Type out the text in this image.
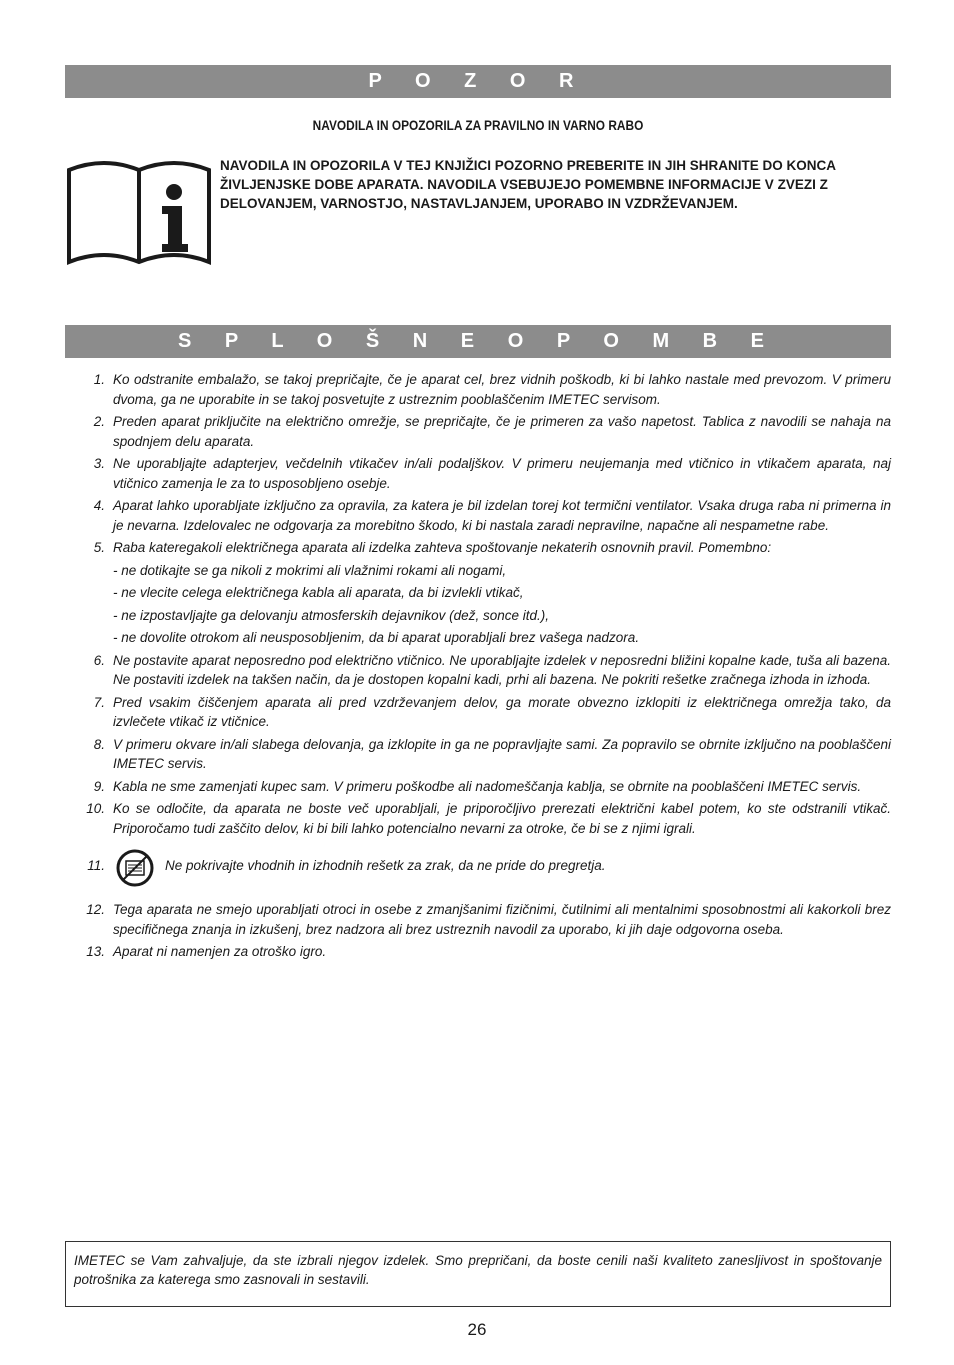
P O Z O R
NAVODILA IN OPOZORILA ZA PRAVILNO IN VARNO RABO
NAVODILA IN OPOZORILA V TEJ KNJIŽICI POZORNO PREBERITE IN JIH SHRANITE DO KONCA
ŽIVLJENJSKE DOBE APARATA. NAVODILA VSEBUJEJO POMEMBNE INFORMACIJE V ZVEZI Z
DELOVANJEM, VARNOSTJO, NASTAVLJANJEM, UPORABO IN VZDRŽEVANJEM.
S P L O Š N E O P O M B E
1. Ko odstranite embalažo, se takoj prepričajte, če je aparat cel, brez vidnih poškodb, ki bi lahko nastale med prevozom. V primeru dvoma, ga ne uporabite in se takoj posvetujte z ustreznim pooblaščenim IMETEC servisom.
2. Preden aparat priključite na električno omrežje, se prepričajte, če je primeren za vašo napetost. Tablica z navodili se nahaja na spodnjem delu aparata.
3. Ne uporabljajte adapterjev, večdelnih vtikačev in/ali podaljškov. V primeru neujemanja med vtičnico in vtikačem aparata, naj vtičnico zamenja le za to usposobljeno osebje.
4. Aparat lahko uporabljate izključno za opravila, za katera je bil izdelan torej kot termični ventilator. Vsaka druga raba ni primerna in je nevarna. Izdelovalec ne odgovarja za morebitno škodo, ki bi nastala zaradi nepravilne, napačne ali nespametne rabe.
5. Raba kateregakoli električnega aparata ali izdelka zahteva spoštovanje nekaterih osnovnih pravil. Pomembno:
- ne dotikajte se ga nikoli z mokrimi ali vlažnimi rokami ali nogami,
- ne vlecite celega električnega kabla ali aparata, da bi izvlekli vtikač,
- ne izpostavljajte ga delovanju atmosferskih dejavnikov (dež, sonce itd.),
- ne dovolite otrokom ali neusposobljenim, da bi aparat uporabljali brez vašega nadzora.
6. Ne postavite aparat neposredno pod električno vtičnico. Ne uporabljajte izdelek v neposredni bližini kopalne kade, tuša ali bazena. Ne postaviti izdelek na takšen način, da je dostopen kopalni kadi, prhi ali bazena. Ne pokriti rešetke zračnega izhoda in izhoda.
7. Pred vsakim čiščenjem aparata ali pred vzdrževanjem delov, ga morate obvezno izklopiti iz električnega omrežja tako, da izvlečete vtikač iz vtičnice.
8. V primeru okvare in/ali slabega delovanja, ga izklopite in ga ne popravljajte sami. Za popravilo se obrnite izključno na pooblaščeni IMETEC servis.
9. Kabla ne sme zamenjati kupec sam. V primeru poškodbe ali nadomeščanja kablja, se obrnite na pooblaščeni IMETEC servis.
10. Ko se odločite, da aparata ne boste več uporabljali, je priporočljivo prerezati električni kabel potem, ko ste odstranili vtikač. Priporočamo tudi zaščito delov, ki bi bili lahko potencialno nevarni za otroke, če bi se z njimi igrali.
11.	Ne pokrivajte vhodnih in izhodnih rešetk za zrak, da ne pride do pregretja.
12. Tega aparata ne smejo uporabljati otroci in osebe z zmanjšanimi fizičnimi, čutilnimi ali mentalnimi sposobnostmi ali kakorkoli brez specifičnega znanja in izkušenj, brez nadzora ali brez ustreznih navodil za uporabo, ki jih daje odgovorna oseba.
13. Aparat ni namenjen za otroško igro.
IMETEC se Vam zahvaljuje, da ste izbrali njegov izdelek. Smo prepričani, da boste cenili naši kvaliteto zanesljivost in spoštovanje potrošnika za katerega smo zasnovali in sestavili.
26
